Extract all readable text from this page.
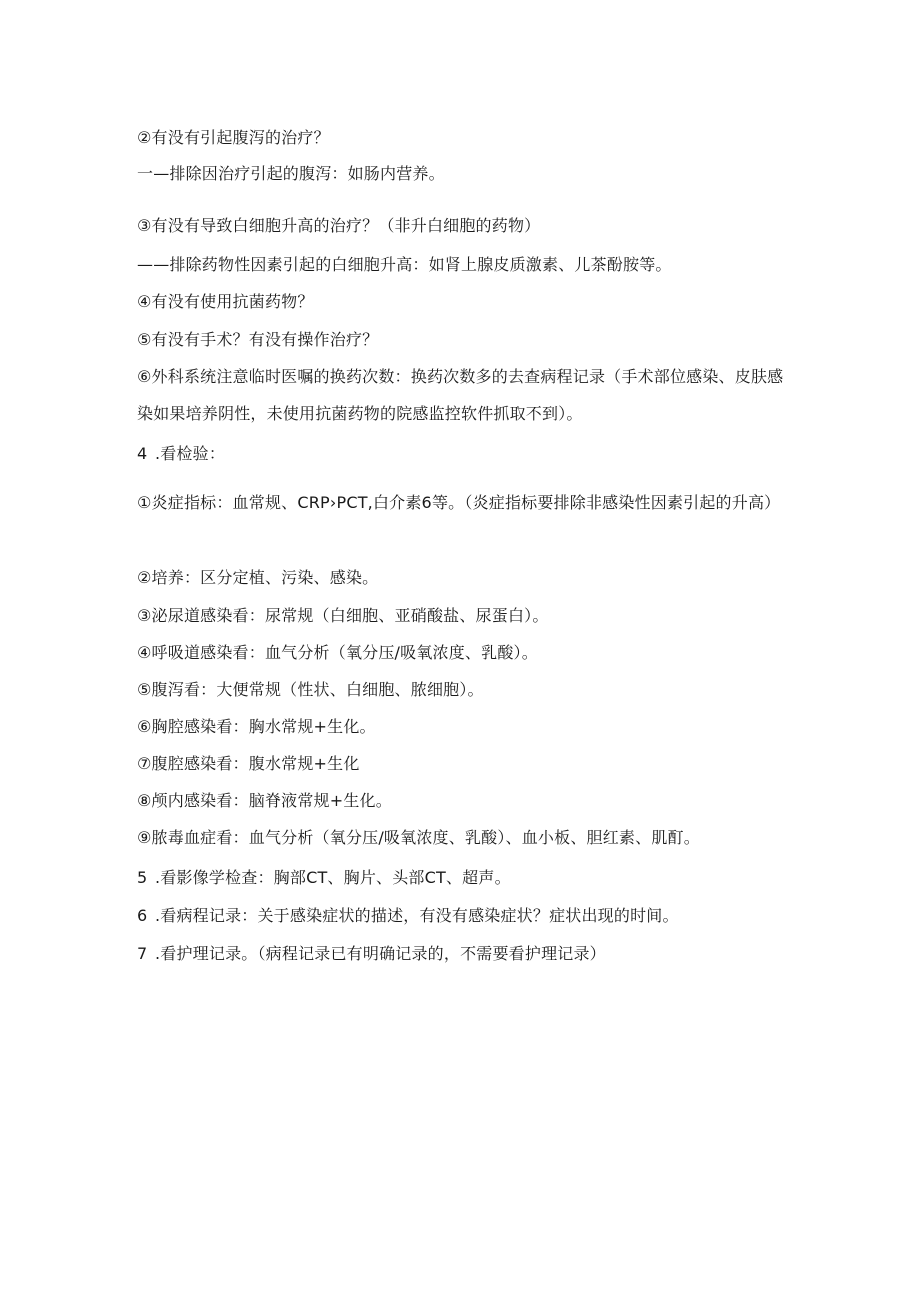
②有没有引起腹泻的治疗？
一—排除因治疗引起的腹泻：如肠内营养。
③有没有导致白细胞升高的治疗？（非升白细胞的药物）
——排除药物性因素引起的白细胞升高：如肾上腺皮质激素、儿茶酚胺等。
④有没有使用抗菌药物？
⑤有没有手术？有没有操作治疗？
⑥外科系统注意临时医嘱的换药次数：换药次数多的去查病程记录（手术部位感染、皮肤感染如果培养阴性，未使用抗菌药物的院感监控软件抓取不到）。
4 .看检验：
①炎症指标：血常规、CRP›PCT,白介素6等。（炎症指标要排除非感染性因素引起的升高）
②培养：区分定植、污染、感染。
③泌尿道感染看：尿常规（白细胞、亚硝酸盐、尿蛋白）。
④呼吸道感染看：血气分析（氧分压/吸氧浓度、乳酸）。
⑤腹泻看：大便常规（性状、白细胞、脓细胞）。
⑥胸腔感染看：胸水常规+生化。
⑦腹腔感染看：腹水常规+生化
⑧颅内感染看：脑脊液常规+生化。
⑨脓毒血症看：血气分析（氧分压/吸氧浓度、乳酸）、血小板、胆红素、肌酊。
5 .看影像学检查：胸部CT、胸片、头部CT、超声。
6 .看病程记录：关于感染症状的描述，有没有感染症状？症状出现的时间。
7 .看护理记录。（病程记录已有明确记录的，不需要看护理记录）
